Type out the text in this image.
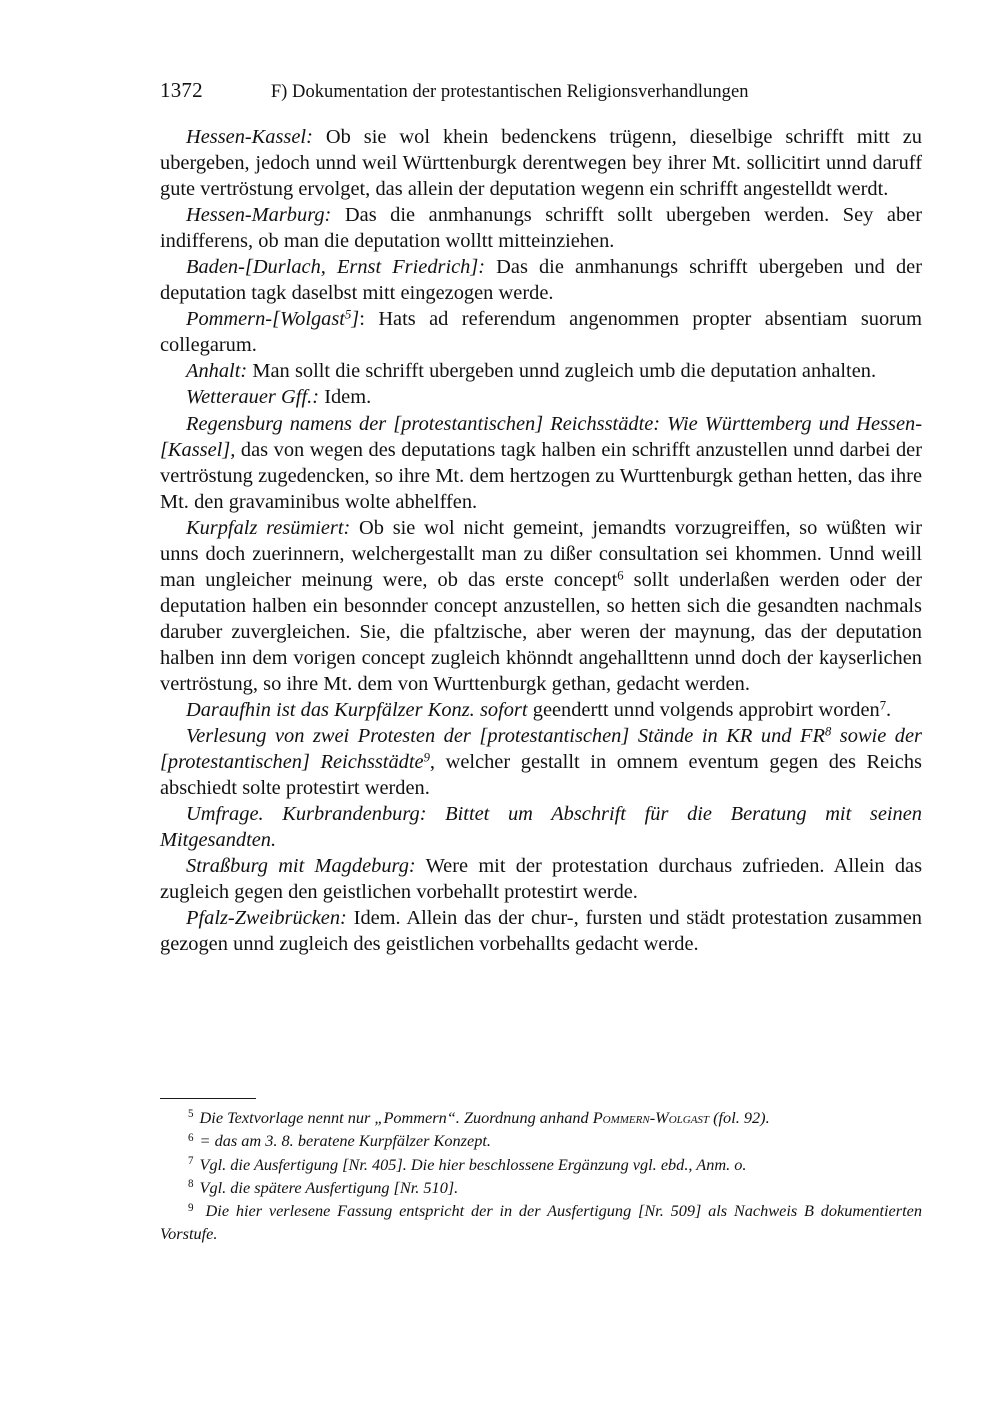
1372	F) Dokumentation der protestantischen Religionsverhandlungen

Hessen-Kassel: Ob sie wol khein bedenckens trügenn, dieselbige schrifft mitt zu ubergeben, jedoch unnd weil Württenburgk derentwegen bey ihrer Mt. sollicitirt unnd daruff gute vertröstung ervolget, das allein der deputation wegenn ein schrifft angestelldt werdt.

Hessen-Marburg: Das die anmhanungs schrifft sollt ubergeben werden. Sey aber indifferens, ob man die deputation wolltt mitteinziehen.

Baden-[Durlach, Ernst Friedrich]: Das die anmhanungs schrifft ubergeben und der deputation tagk daselbst mitt eingezogen werde.

Pommern-[Wolgast$^5$]: Hats ad referendum angenommen propter absentiam suorum collegarum.

Anhalt: Man sollt die schrifft ubergeben unnd zugleich umb die deputation anhalten.

Wetterauer Gff.: Idem.

Regensburg namens der [protestantischen] Reichsstädte: Wie Württemberg und Hessen-[Kassel], das von wegen des deputations tagk halben ein schrifft anzustellen unnd darbei der vertröstung zugedencken, so ihre Mt. dem hertzogen zu Wurttenburgk gethan hetten, das ihre Mt. den gravaminibus wolte abhelffen.

Kurpfalz resümiert: Ob sie wol nicht gemeint, jemandts vorzugreiffen, so wüßten wir unns doch zuerinnern, welchergestallt man zu dißer consultation sei khommen. Unnd weill man ungleicher meinung were, ob das erste concept$^6$ sollt underlaßen werden oder der deputation halben ein besonnder concept anzustellen, so hetten sich die gesandten nachmals daruber zuvergleichen. Sie, die pfaltzische, aber weren der maynung, das der deputation halben inn dem vorigen concept zugleich khönndt angehallttenn unnd doch der kayserlichen vertröstung, so ihre Mt. dem von Wurttenburgk gethan, gedacht werden.

Daraufhin ist das Kurpfälzer Konz. sofort geendertt unnd volgends approbirt worden$^7$.

Verlesung von zwei Protesten der [protestantischen] Stände in KR und $FR^8$ sowie der [protestantischen] Reichsstädte$^9$, welcher gestallt in omnem eventum gegen des Reichs abschiedt solte protestirt werden.

Umfrage. Kurbrandenburg: Bittet um Abschrift für die Beratung mit seinen Mitgesandten.

Straßburg mit Magdeburg: Were mit der protestation durchaus zufrieden. Allein das zugleich gegen den geistlichen vorbehallt protestirt werde.

Pfalz-Zweibrücken: Idem. Allein das der chur-, fursten und städt protestation zusammen gezogen unnd zugleich des geistlichen vorbehallts gedacht werde.

5 Die Textvorlage nennt nur „Pommern“. Zuordnung anhand Pommern-Wolgast (fol. 92).

6 = das am 3. 8. beratene Kurpfälzer Konzept.

7 Vgl. die Ausfertigung [Nr. 405]. Die hier beschlossene Ergänzung vgl. ebd., Anm. o.

8 Vgl. die spätere Ausfertigung [Nr. 510].

9 Die hier verlesene Fassung entspricht der in der Ausfertigung [Nr. 509] als Nachweis B dokumentierten Vorstufe.
